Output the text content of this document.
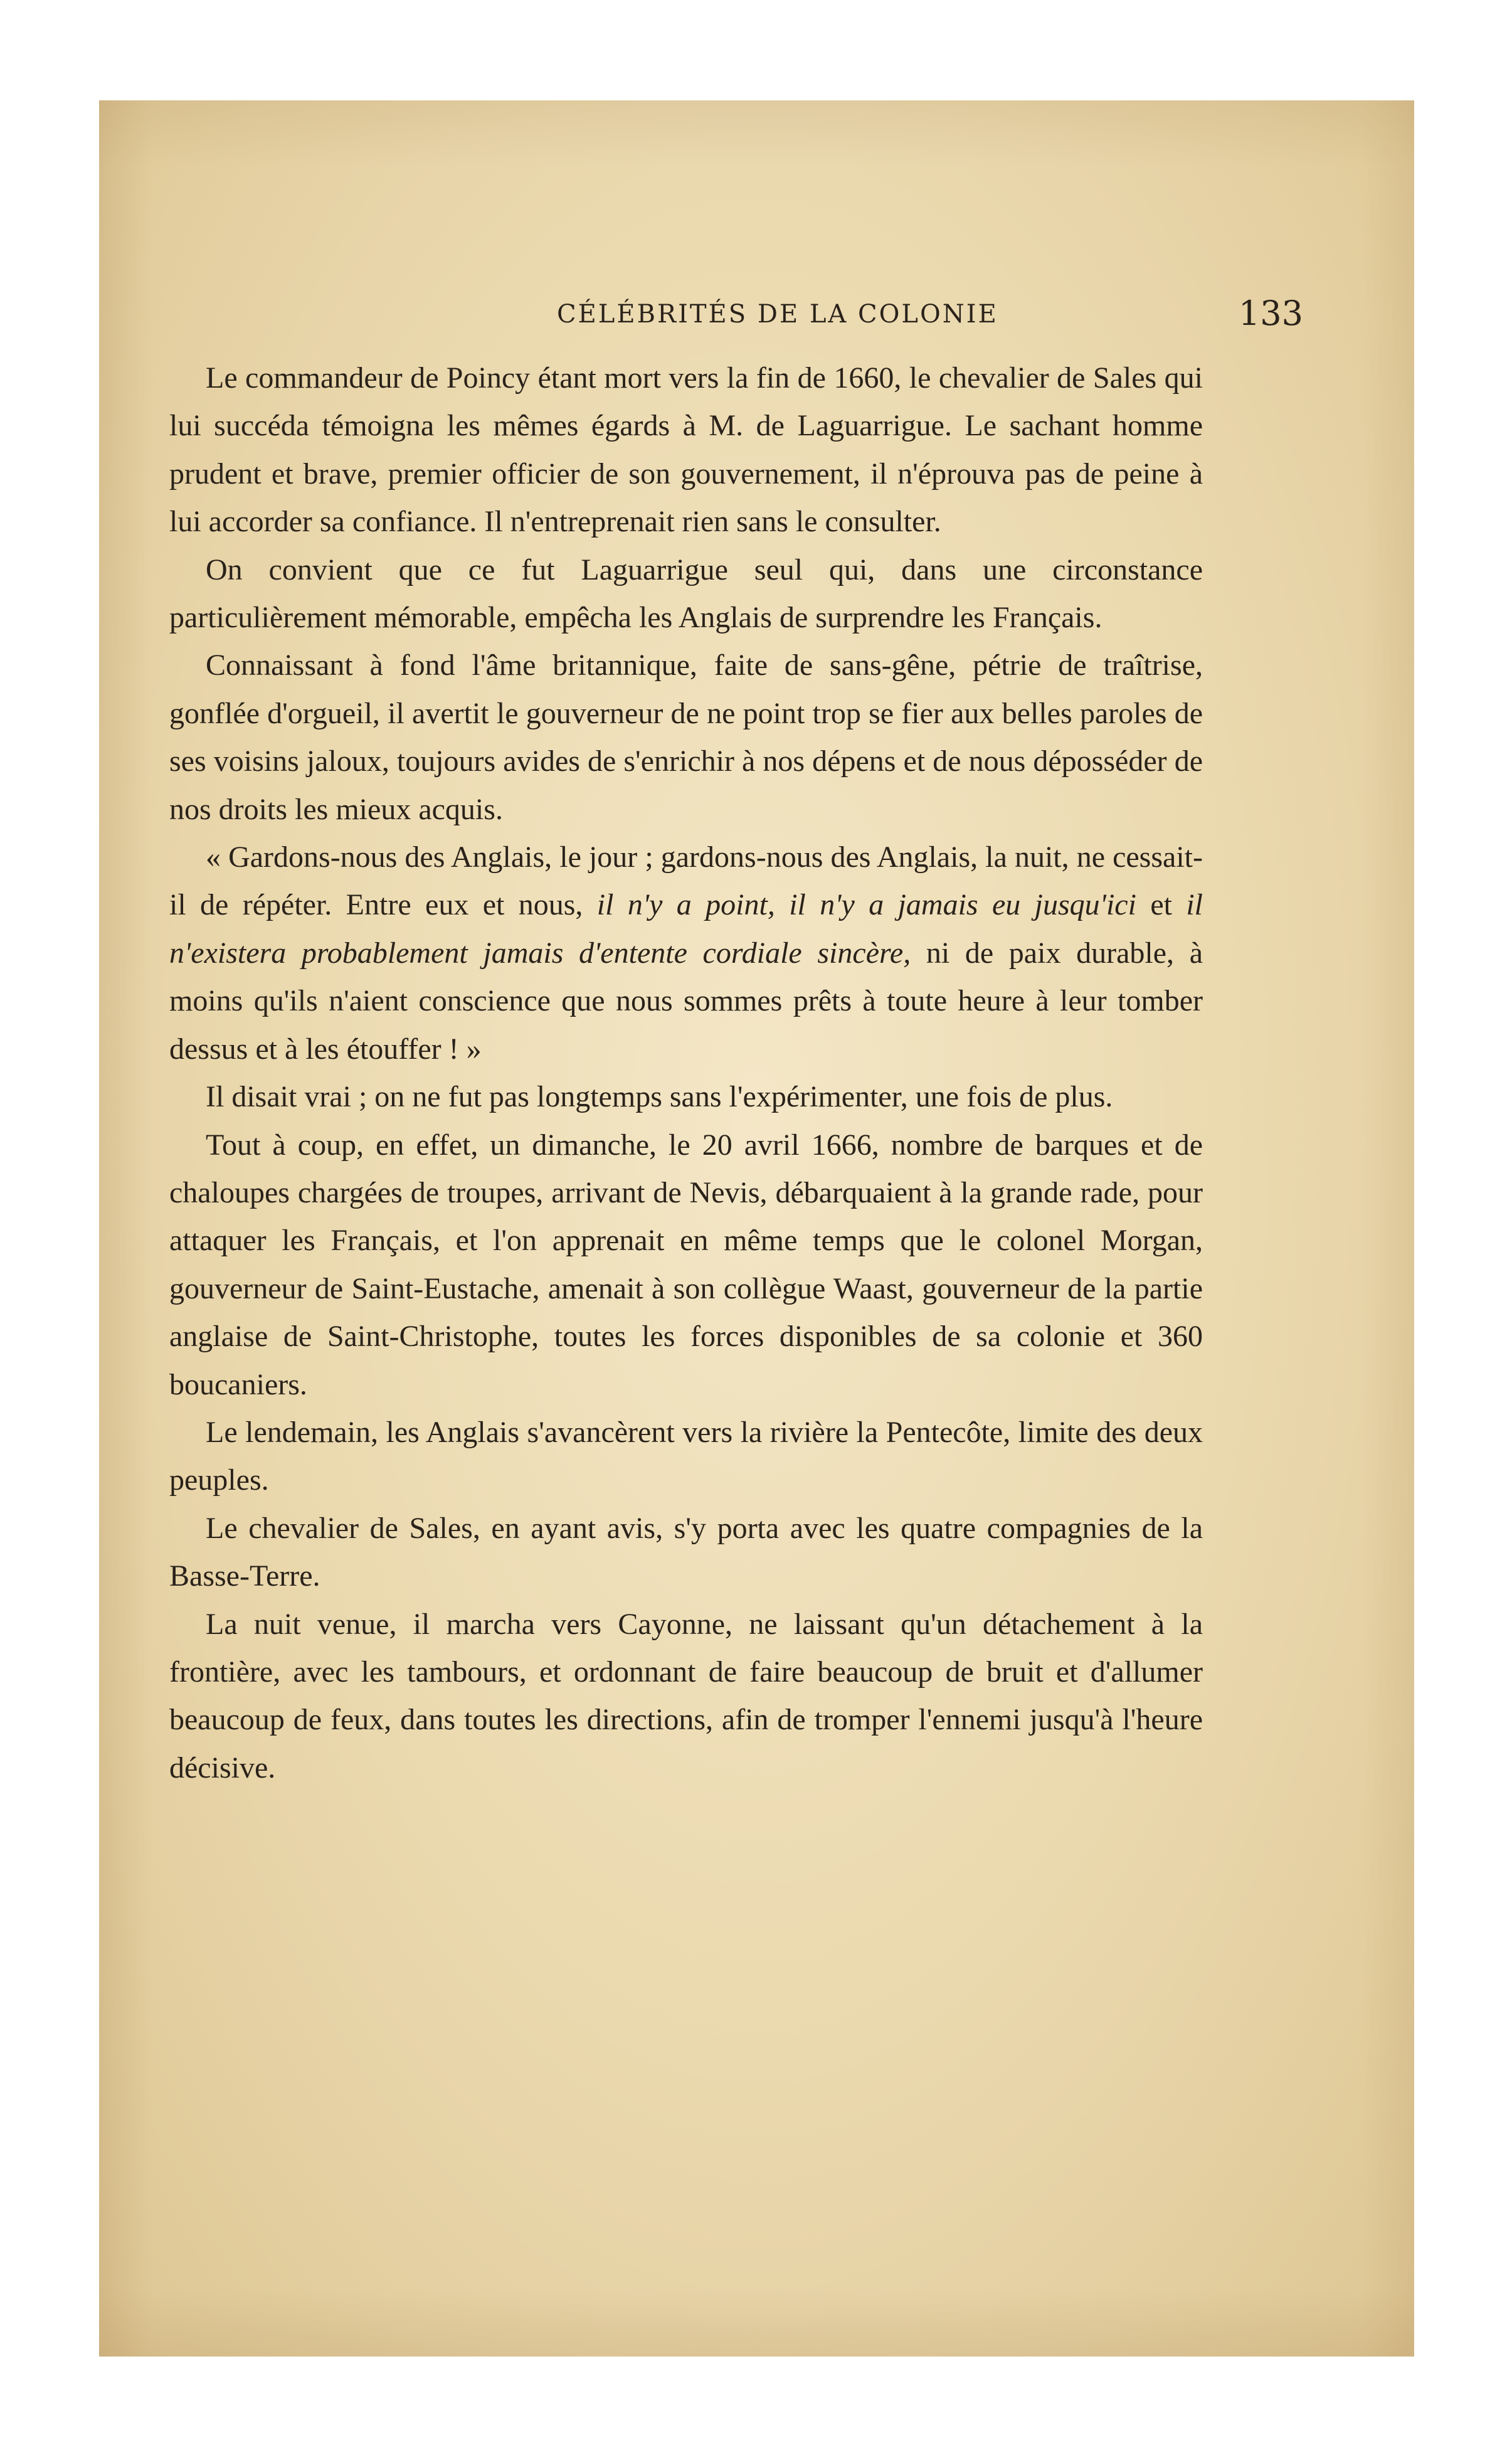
CÉLÉBRITÉS DE LA COLONIE	133

Le commandeur de Poincy étant mort vers la fin de 1660, le chevalier de Sales qui lui succéda témoigna les mêmes égards à M. de Laguarrigue. Le sachant homme prudent et brave, premier officier de son gouvernement, il n'éprouva pas de peine à lui accorder sa confiance. Il n'entreprenait rien sans le consulter.

On convient que ce fut Laguarrigue seul qui, dans une circonstance particulièrement mémorable, empêcha les Anglais de surprendre les Français.

Connaissant à fond l'âme britannique, faite de sans-gêne, pétrie de traîtrise, gonflée d'orgueil, il avertit le gouverneur de ne point trop se fier aux belles paroles de ses voisins jaloux, toujours avides de s'enrichir à nos dépens et de nous déposséder de nos droits les mieux acquis.

« Gardons-nous des Anglais, le jour ; gardons-nous des Anglais, la nuit, ne cessait-il de répéter. Entre eux et nous, il n'y a point, il n'y a jamais eu jusqu'ici et il n'existera probablement jamais d'entente cordiale sincère, ni de paix durable, à moins qu'ils n'aient conscience que nous sommes prêts à toute heure à leur tomber dessus et à les étouffer ! »

Il disait vrai ; on ne fut pas longtemps sans l'expérimenter, une fois de plus.

Tout à coup, en effet, un dimanche, le 20 avril 1666, nombre de barques et de chaloupes chargées de troupes, arrivant de Nevis, débarquaient à la grande rade, pour attaquer les Français, et l'on apprenait en même temps que le colonel Morgan, gouverneur de Saint-Eustache, amenait à son collègue Waast, gouverneur de la partie anglaise de Saint-Christophe, toutes les forces disponibles de sa colonie et 360 boucaniers.

Le lendemain, les Anglais s'avancèrent vers la rivière la Pentecôte, limite des deux peuples.

Le chevalier de Sales, en ayant avis, s'y porta avec les quatre compagnies de la Basse-Terre.

La nuit venue, il marcha vers Cayonne, ne laissant qu'un détachement à la frontière, avec les tambours, et ordonnant de faire beaucoup de bruit et d'allumer beaucoup de feux, dans toutes les directions, afin de tromper l'ennemi jusqu'à l'heure décisive.
